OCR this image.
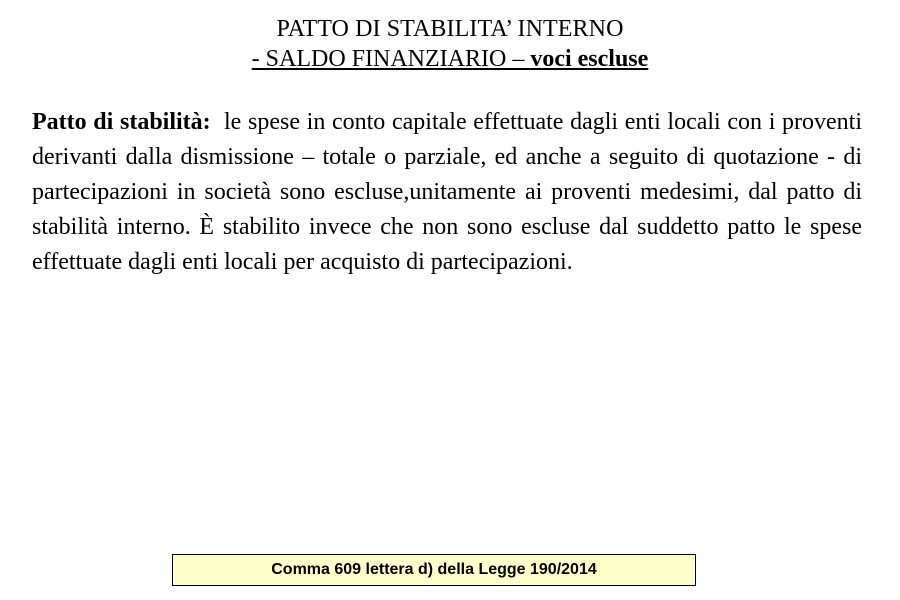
PATTO DI STABILITA’ INTERNO
- SALDO FINANZIARIO – voci escluse
Patto di stabilità: le spese in conto capitale effettuate dagli enti locali con i proventi derivanti dalla dismissione – totale o parziale, ed anche a seguito di quotazione - di partecipazioni in società sono escluse,unitamente ai proventi medesimi, dal patto di stabilità interno. È stabilito invece che non sono escluse dal suddetto patto le spese effettuate dagli enti locali per acquisto di partecipazioni.
Comma 609 lettera d) della Legge 190/2014
